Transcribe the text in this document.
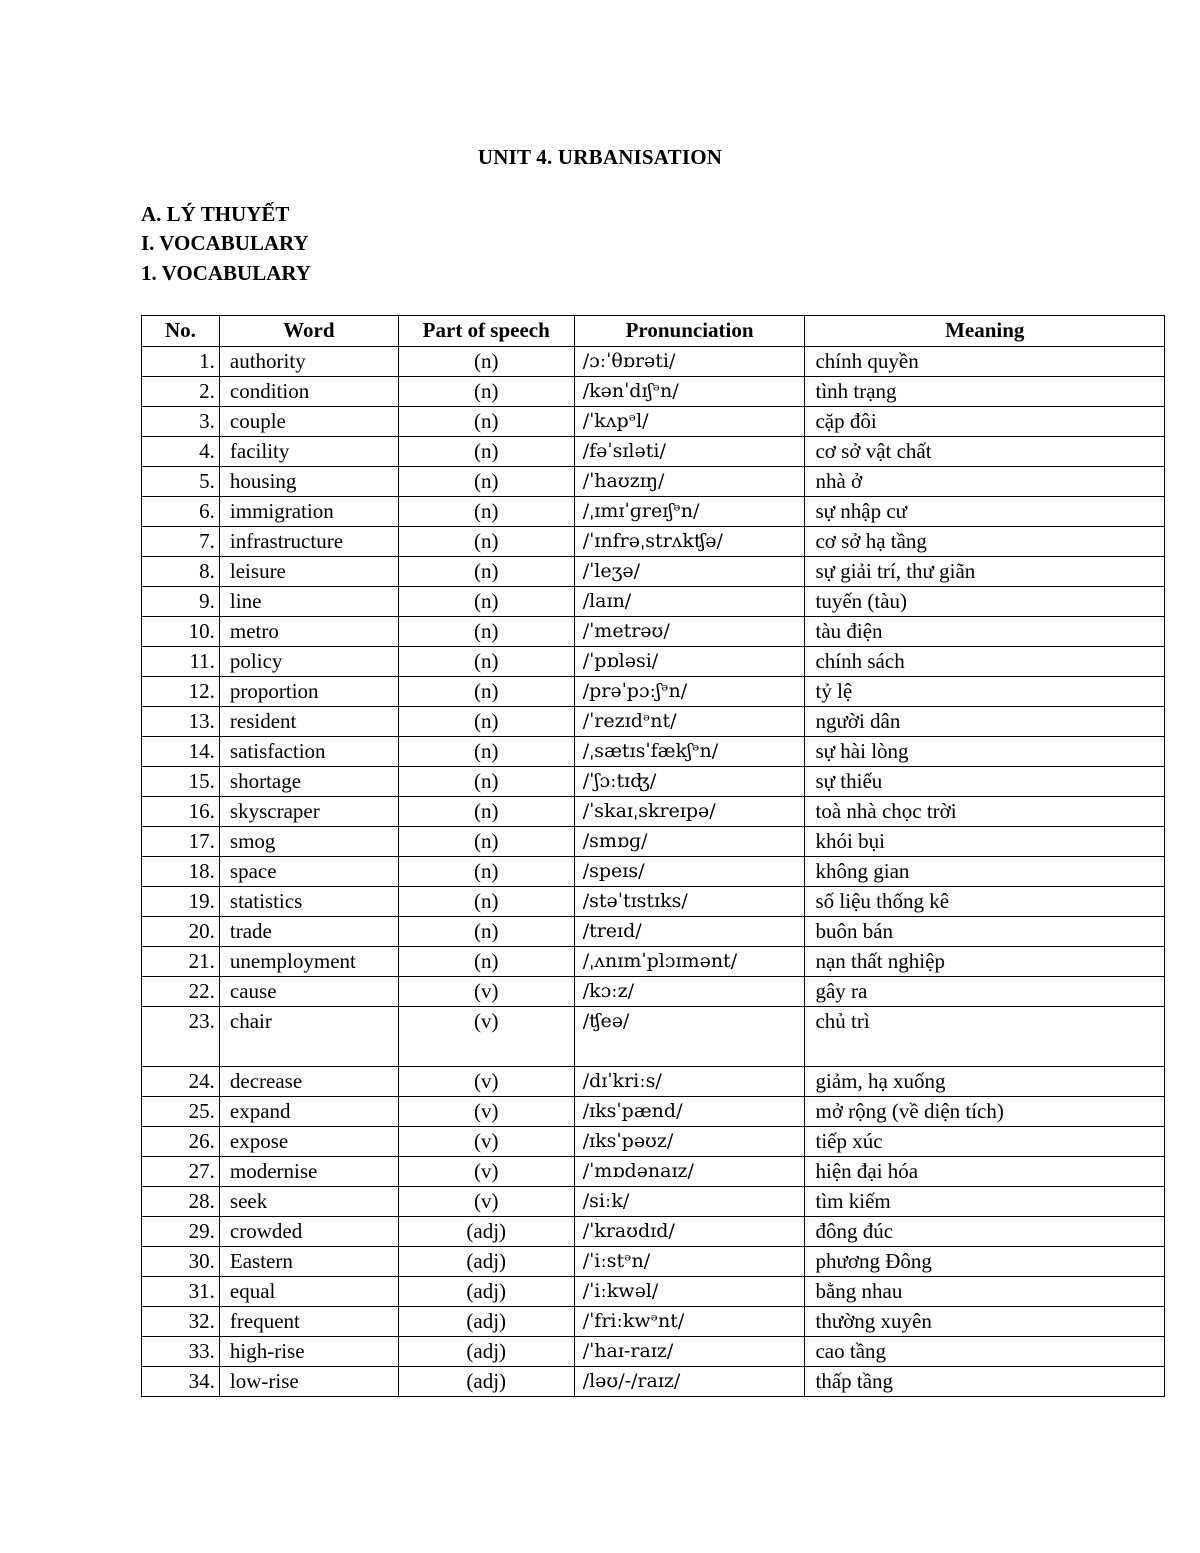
UNIT 4. URBANISATION
A. LÝ THUYẾT
I. VOCABULARY
1. VOCABULARY
No.	Word	Part of speech	Pronunciation	Meaning
1.	authority	(n)	/ɔːˈθɒrəti/	chính quyền
2.	condition	(n)	/kənˈdɪʃᵊn/	tình trạng
3.	couple	(n)	/ˈkʌpᵊl/	cặp đôi
4.	facility	(n)	/fəˈsɪləti/	cơ sở vật chất
5.	housing	(n)	/ˈhaʊzɪŋ/	nhà ở
6.	immigration	(n)	/ˌɪmɪˈɡreɪʃᵊn/	sự nhập cư
7.	infrastructure	(n)	/ˈɪnfrəˌstrʌkʧə/	cơ sở hạ tầng
8.	leisure	(n)	/ˈleʒə/	sự giải trí, thư giãn
9.	line	(n)	/laɪn/	tuyến (tàu)
10.	metro	(n)	/ˈmetrəʊ/	tàu điện
11.	policy	(n)	/ˈpɒləsi/	chính sách
12.	proportion	(n)	/prəˈpɔːʃᵊn/	tỷ lệ
13.	resident	(n)	/ˈrezɪdᵊnt/	người dân
14.	satisfaction	(n)	/ˌsætɪsˈfækʃᵊn/	sự hài lòng
15.	shortage	(n)	/ˈʃɔːtɪʤ/	sự thiếu
16.	skyscraper	(n)	/ˈskaɪˌskreɪpə/	toà nhà chọc trời
17.	smog	(n)	/smɒɡ/	khói bụi
18.	space	(n)	/speɪs/	không gian
19.	statistics	(n)	/stəˈtɪstɪks/	số liệu thống kê
20.	trade	(n)	/treɪd/	buôn bán
21.	unemployment	(n)	/ˌʌnɪmˈplɔɪmənt/	nạn thất nghiệp
22.	cause	(v)	/kɔːz/	gây ra
23.	chair	(v)	/ʧeə/	chủ trì
24.	decrease	(v)	/dɪˈkriːs/	giảm, hạ xuống
25.	expand	(v)	/ɪksˈpænd/	mở rộng (về diện tích)
26.	expose	(v)	/ɪksˈpəʊz/	tiếp xúc
27.	modernise	(v)	/ˈmɒdənaɪz/	hiện đại hóa
28.	seek	(v)	/siːk/	tìm kiếm
29.	crowded	(adj)	/ˈkraʊdɪd/	đông đúc
30.	Eastern	(adj)	/ˈiːstᵊn/	phương Đông
31.	equal	(adj)	/ˈiːkwəl/	bằng nhau
32.	frequent	(adj)	/ˈfriːkwᵊnt/	thường xuyên
33.	high-rise	(adj)	/ˈhaɪ-raɪz/	cao tầng
34.	low-rise	(adj)	/ləʊ/-/raɪz/	thấp tầng
